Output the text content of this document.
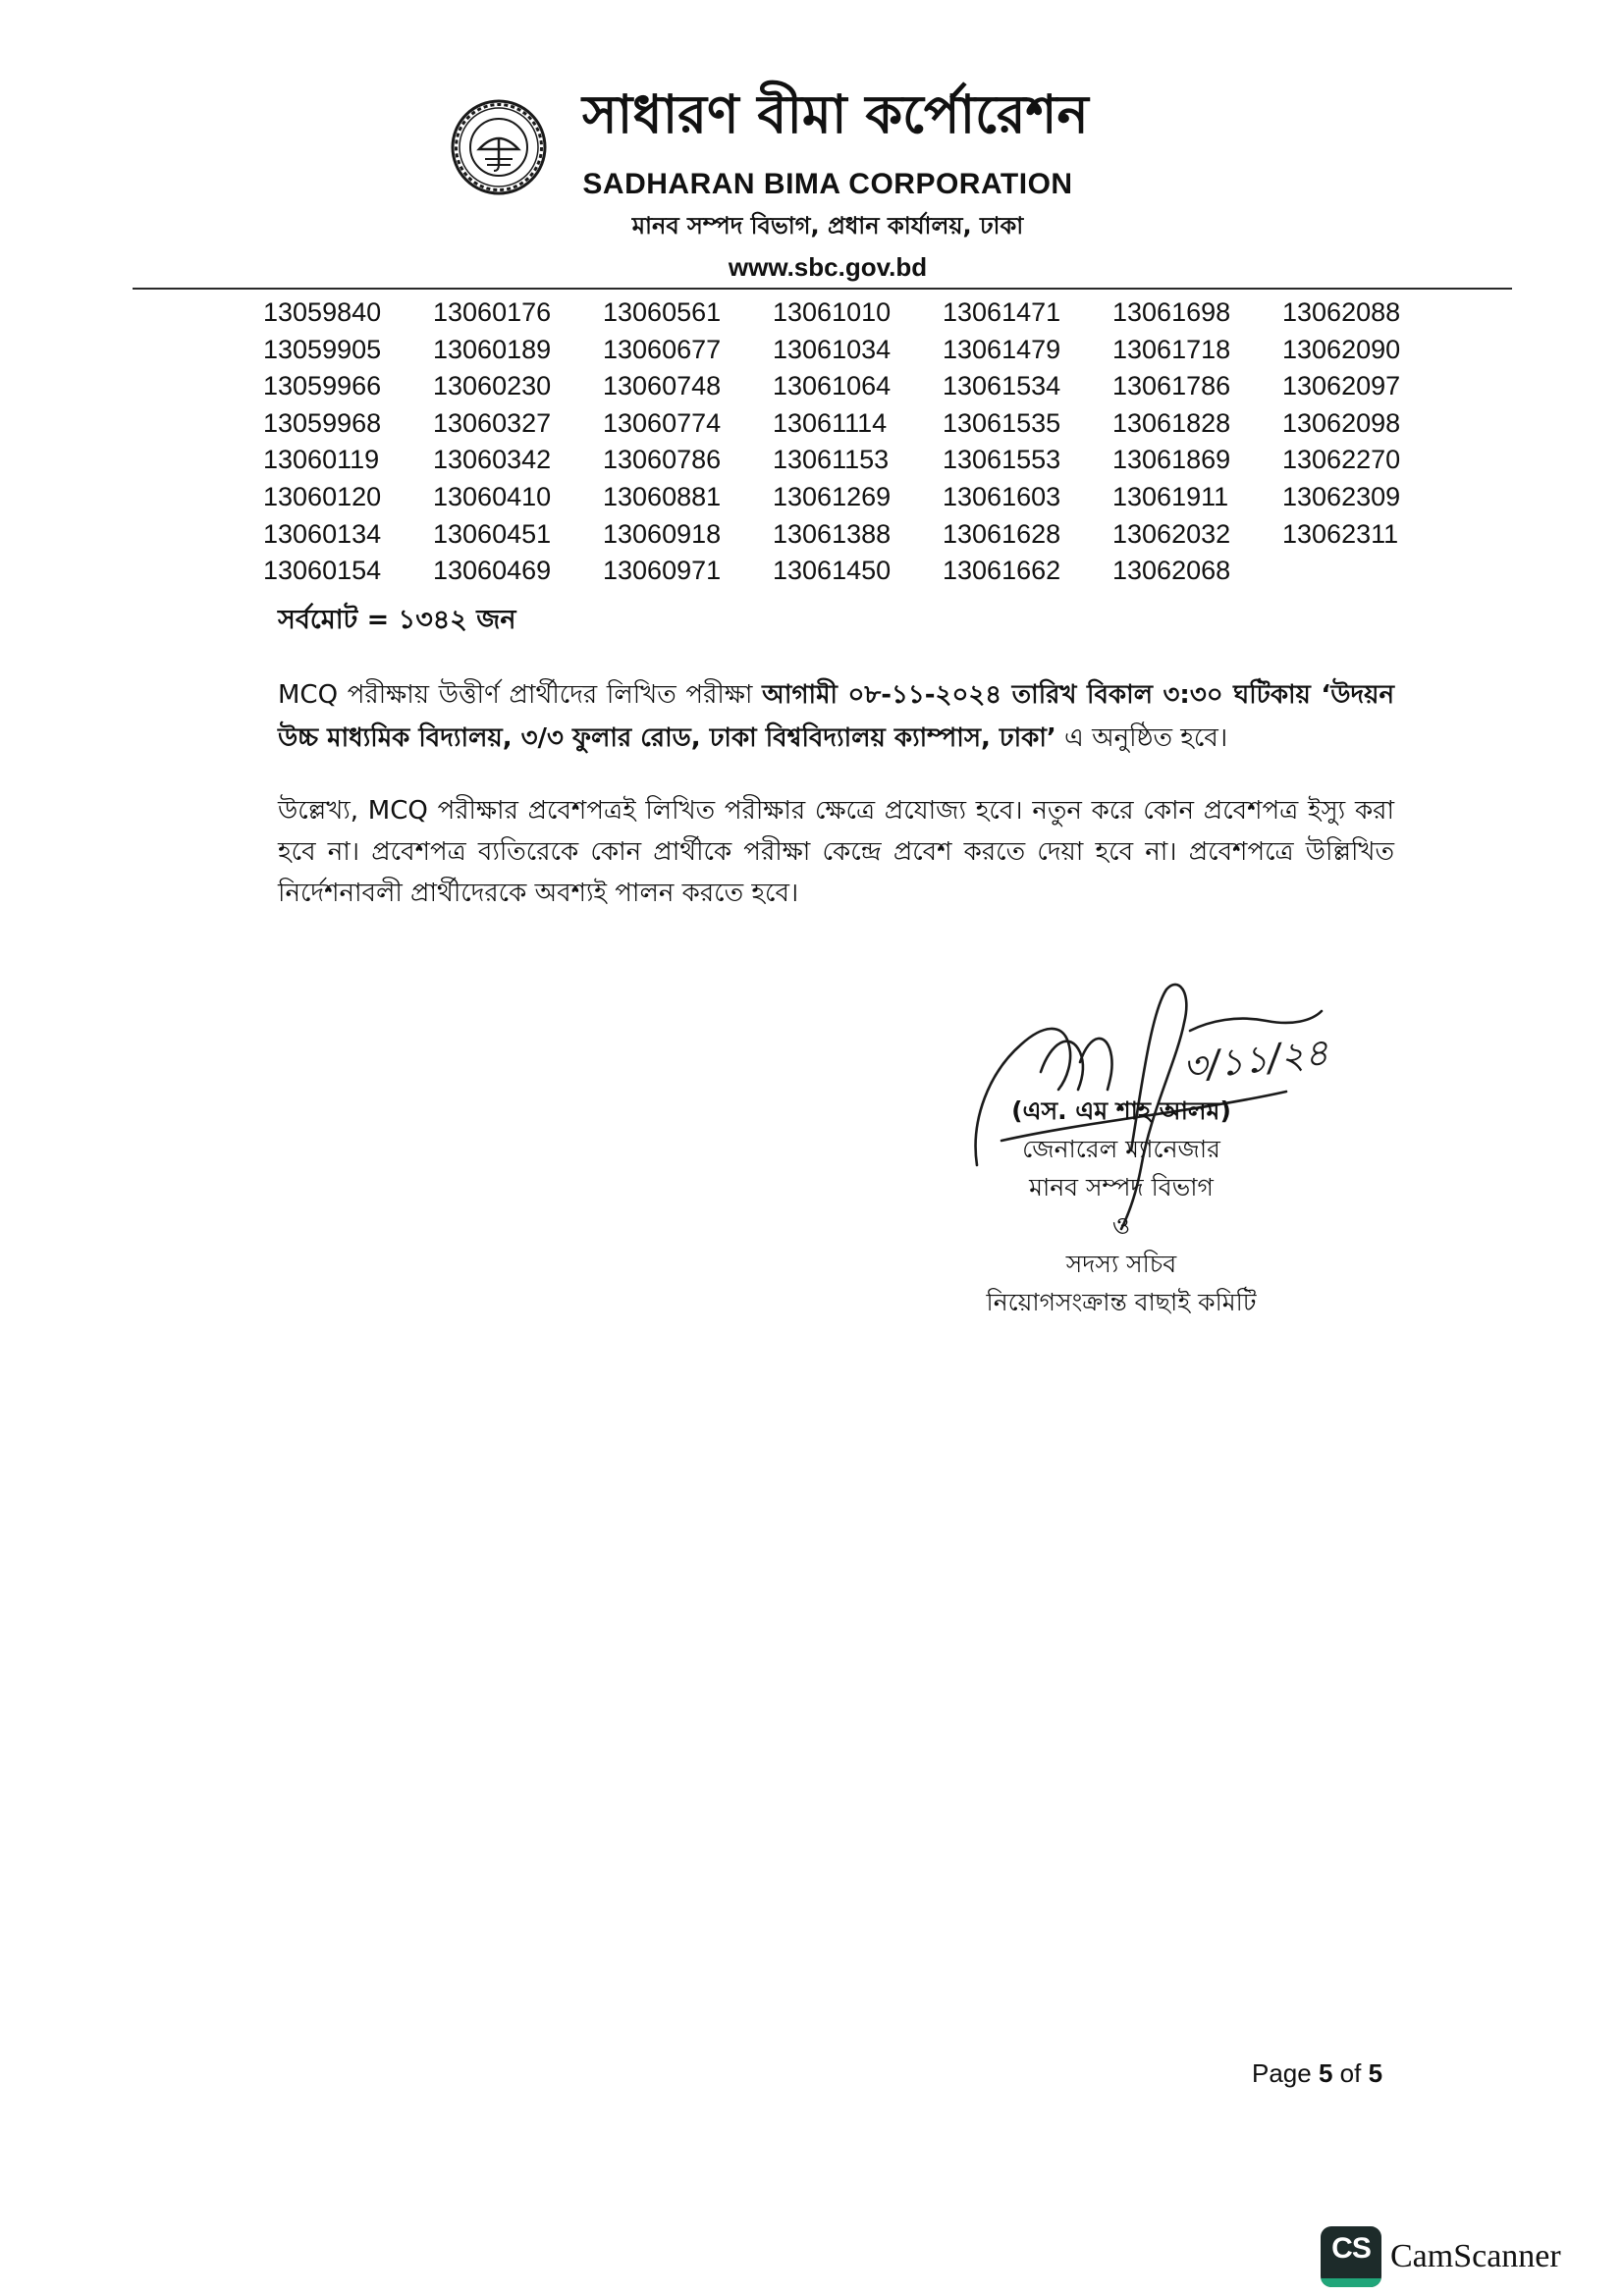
সাধারণ বীমা কর্পোরেশন
SADHARAN BIMA CORPORATION
মানব সম্পদ বিভাগ, প্রধান কার্যালয়, ঢাকা
www.sbc.gov.bd
13059840
13059905
13059966
13059968
13060119
13060120
13060134
13060154
13060176
13060189
13060230
13060327
13060342
13060410
13060451
13060469
13060561
13060677
13060748
13060774
13060786
13060881
13060918
13060971
13061010
13061034
13061064
13061114
13061153
13061269
13061388
13061450
13061471
13061479
13061534
13061535
13061553
13061603
13061628
13061662
13061698
13061718
13061786
13061828
13061869
13061911
13062032
13062068
13062088
13062090
13062097
13062098
13062270
13062309
13062311
সর্বমোট = ১৩৪২ জন

MCQ পরীক্ষায় উত্তীর্ণ প্রার্থীদের লিখিত পরীক্ষা আগামী ০৮-১১-২০২৪ তারিখ বিকাল ৩:৩০ ঘটিকায় ‘উদয়ন উচ্চ মাধ্যমিক বিদ্যালয়, ৩/৩ ফুলার রোড, ঢাকা বিশ্ববিদ্যালয় ক্যাম্পাস, ঢাকা’ এ অনুষ্ঠিত হবে।

উল্লেখ্য, MCQ পরীক্ষার প্রবেশপত্রই লিখিত পরীক্ষার ক্ষেত্রে প্রযোজ্য হবে। নতুন করে কোন প্রবেশপত্র ইস্যু করা হবে না। প্রবেশপত্র ব্যতিরেকে কোন প্রার্থীকে পরীক্ষা কেন্দ্রে প্রবেশ করতে দেয়া হবে না। প্রবেশপত্রে উল্লিখিত নির্দেশনাবলী প্রার্থীদেরকে অবশ্যই পালন করতে হবে।

৩/১১/২৪
(এস. এম শাহ আলম)
জেনারেল ম্যানেজার
মানব সম্পদ বিভাগ
ও
সদস্য সচিব
নিয়োগসংক্রান্ত বাছাই কমিটি
Page 5 of 5
CS CamScanner
